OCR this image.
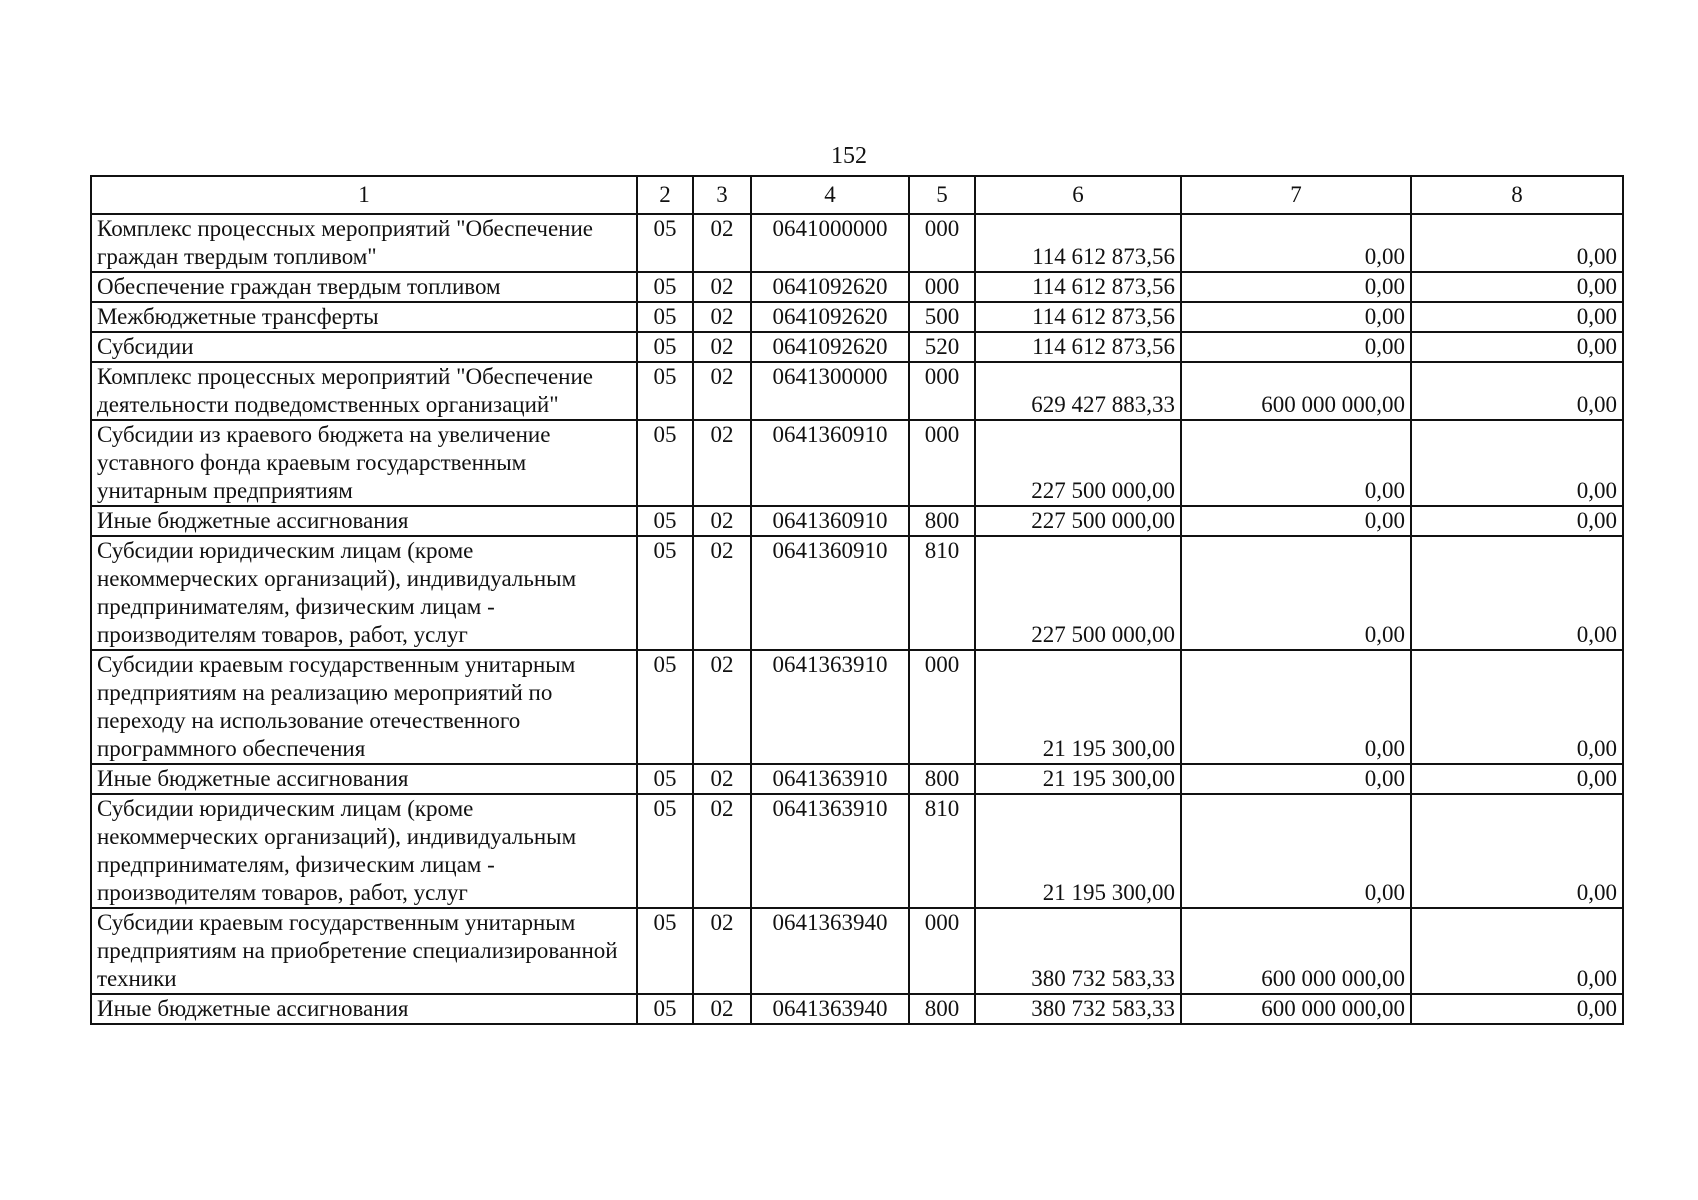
152
1	2	3	4	5	6	7	8
Комплекс процессных мероприятий "Обеспечение граждан твердым топливом"	05	02	0641000000	000	114 612 873,56	0,00	0,00
Обеспечение граждан твердым топливом	05	02	0641092620	000	114 612 873,56	0,00	0,00
Межбюджетные трансферты	05	02	0641092620	500	114 612 873,56	0,00	0,00
Субсидии	05	02	0641092620	520	114 612 873,56	0,00	0,00
Комплекс процессных мероприятий "Обеспечение деятельности подведомственных организаций"	05	02	0641300000	000	629 427 883,33	600 000 000,00	0,00
Субсидии из краевого бюджета на увеличение уставного фонда краевым государственным унитарным предприятиям	05	02	0641360910	000	227 500 000,00	0,00	0,00
Иные бюджетные ассигнования	05	02	0641360910	800	227 500 000,00	0,00	0,00
Субсидии юридическим лицам (кроме некоммерческих организаций), индивидуальным предпринимателям, физическим лицам - производителям товаров, работ, услуг	05	02	0641360910	810	227 500 000,00	0,00	0,00
Субсидии краевым государственным унитарным предприятиям на реализацию мероприятий по переходу на использование отечественного программного обеспечения	05	02	0641363910	000	21 195 300,00	0,00	0,00
Иные бюджетные ассигнования	05	02	0641363910	800	21 195 300,00	0,00	0,00
Субсидии юридическим лицам (кроме некоммерческих организаций), индивидуальным предпринимателям, физическим лицам - производителям товаров, работ, услуг	05	02	0641363910	810	21 195 300,00	0,00	0,00
Субсидии краевым государственным унитарным предприятиям на приобретение специализированной техники	05	02	0641363940	000	380 732 583,33	600 000 000,00	0,00
Иные бюджетные ассигнования	05	02	0641363940	800	380 732 583,33	600 000 000,00	0,00
